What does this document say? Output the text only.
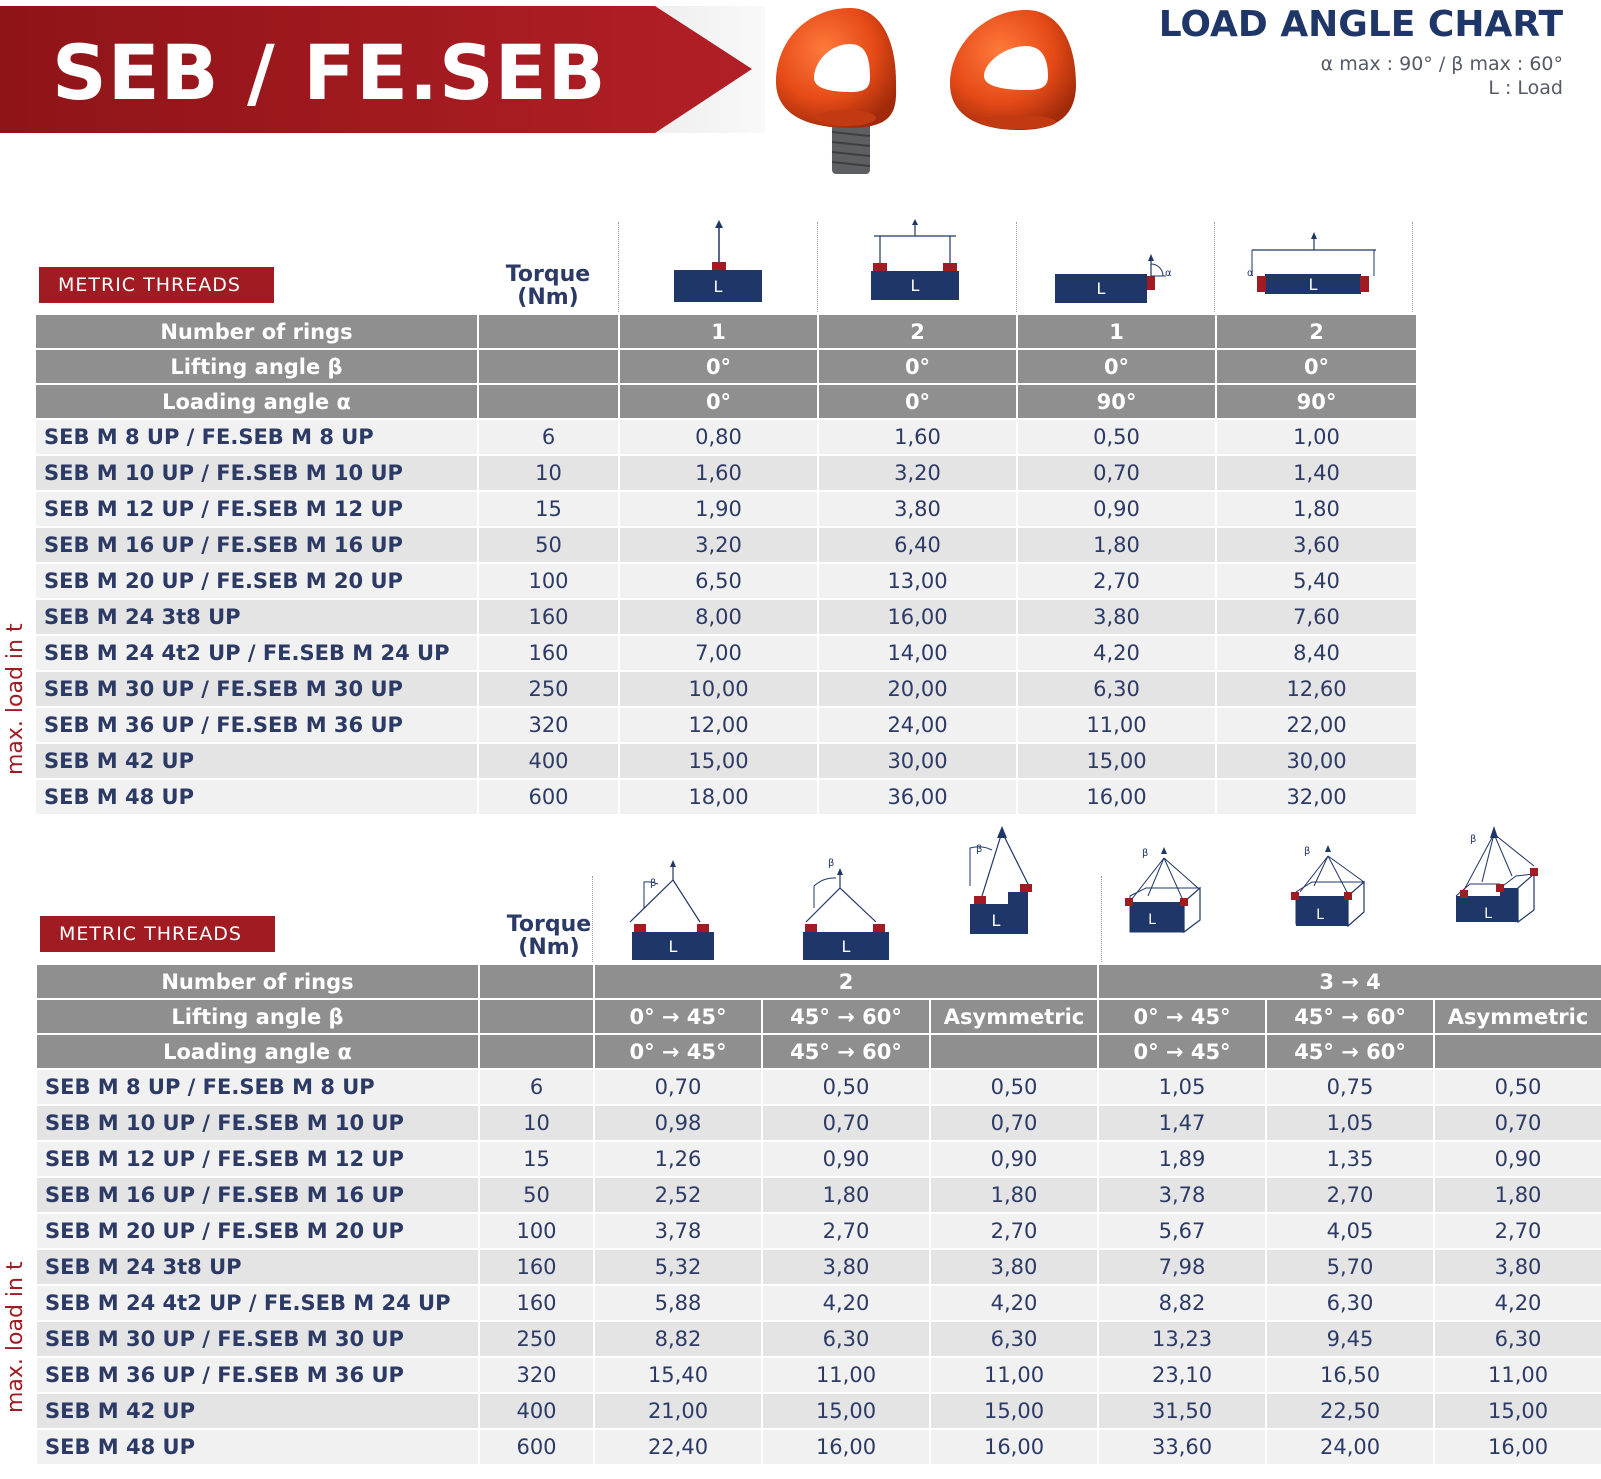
SEB / FE.SEB
LOAD ANGLE CHART
α max : 90° / β max : 60°
L : Load
METRIC THREADS	Torque
(Nm)	L	L
α
L
α
L
Number of rings		1	2	1	2
Lifting angle β		0°	0°	0°	0°
Loading angle α		0°	0°	90°	90°
SEB M 8 UP / FE.SEB M 8 UP	6	0,80	1,60	0,50	1,00
SEB M 10 UP / FE.SEB M 10 UP	10	1,60	3,20	0,70	1,40
SEB M 12 UP / FE.SEB M 12 UP	15	1,90	3,80	0,90	1,80
SEB M 16 UP / FE.SEB M 16 UP	50	3,20	6,40	1,80	3,60
SEB M 20 UP / FE.SEB M 20 UP	100	6,50	13,00	2,70	5,40
SEB M 24 3t8 UP	160	8,00	16,00	3,80	7,60
SEB M 24 4t2 UP / FE.SEB M 24 UP	160	7,00	14,00	4,20	8,40
SEB M 30 UP / FE.SEB M 30 UP	250	10,00	20,00	6,30	12,60
SEB M 36 UP / FE.SEB M 36 UP	320	12,00	24,00	11,00	22,00
SEB M 42 UP	400	15,00	30,00	15,00	30,00
SEB M 48 UP	600	18,00	36,00	16,00	32,00
max. load in t
METRIC THREADS	Torque
(Nm)
β
L
β
L
β
L
β
L
β
L
β
L
Number of rings		2			3 → 4		
Lifting angle β		0° → 45°	45° → 60°	Asymmetric	0° → 45°	45° → 60°	Asymmetric
Loading angle α		0° → 45°	45° → 60°		0° → 45°	45° → 60°	
SEB M 8 UP / FE.SEB M 8 UP	6	0,70	0,50	0,50	1,05	0,75	0,50
SEB M 10 UP / FE.SEB M 10 UP	10	0,98	0,70	0,70	1,47	1,05	0,70
SEB M 12 UP / FE.SEB M 12 UP	15	1,26	0,90	0,90	1,89	1,35	0,90
SEB M 16 UP / FE.SEB M 16 UP	50	2,52	1,80	1,80	3,78	2,70	1,80
SEB M 20 UP / FE.SEB M 20 UP	100	3,78	2,70	2,70	5,67	4,05	2,70
SEB M 24 3t8 UP	160	5,32	3,80	3,80	7,98	5,70	3,80
SEB M 24 4t2 UP / FE.SEB M 24 UP	160	5,88	4,20	4,20	8,82	6,30	4,20
SEB M 30 UP / FE.SEB M 30 UP	250	8,82	6,30	6,30	13,23	9,45	6,30
SEB M 36 UP / FE.SEB M 36 UP	320	15,40	11,00	11,00	23,10	16,50	11,00
SEB M 42 UP	400	21,00	15,00	15,00	31,50	22,50	15,00
SEB M 48 UP	600	22,40	16,00	16,00	33,60	24,00	16,00
max. load in t
